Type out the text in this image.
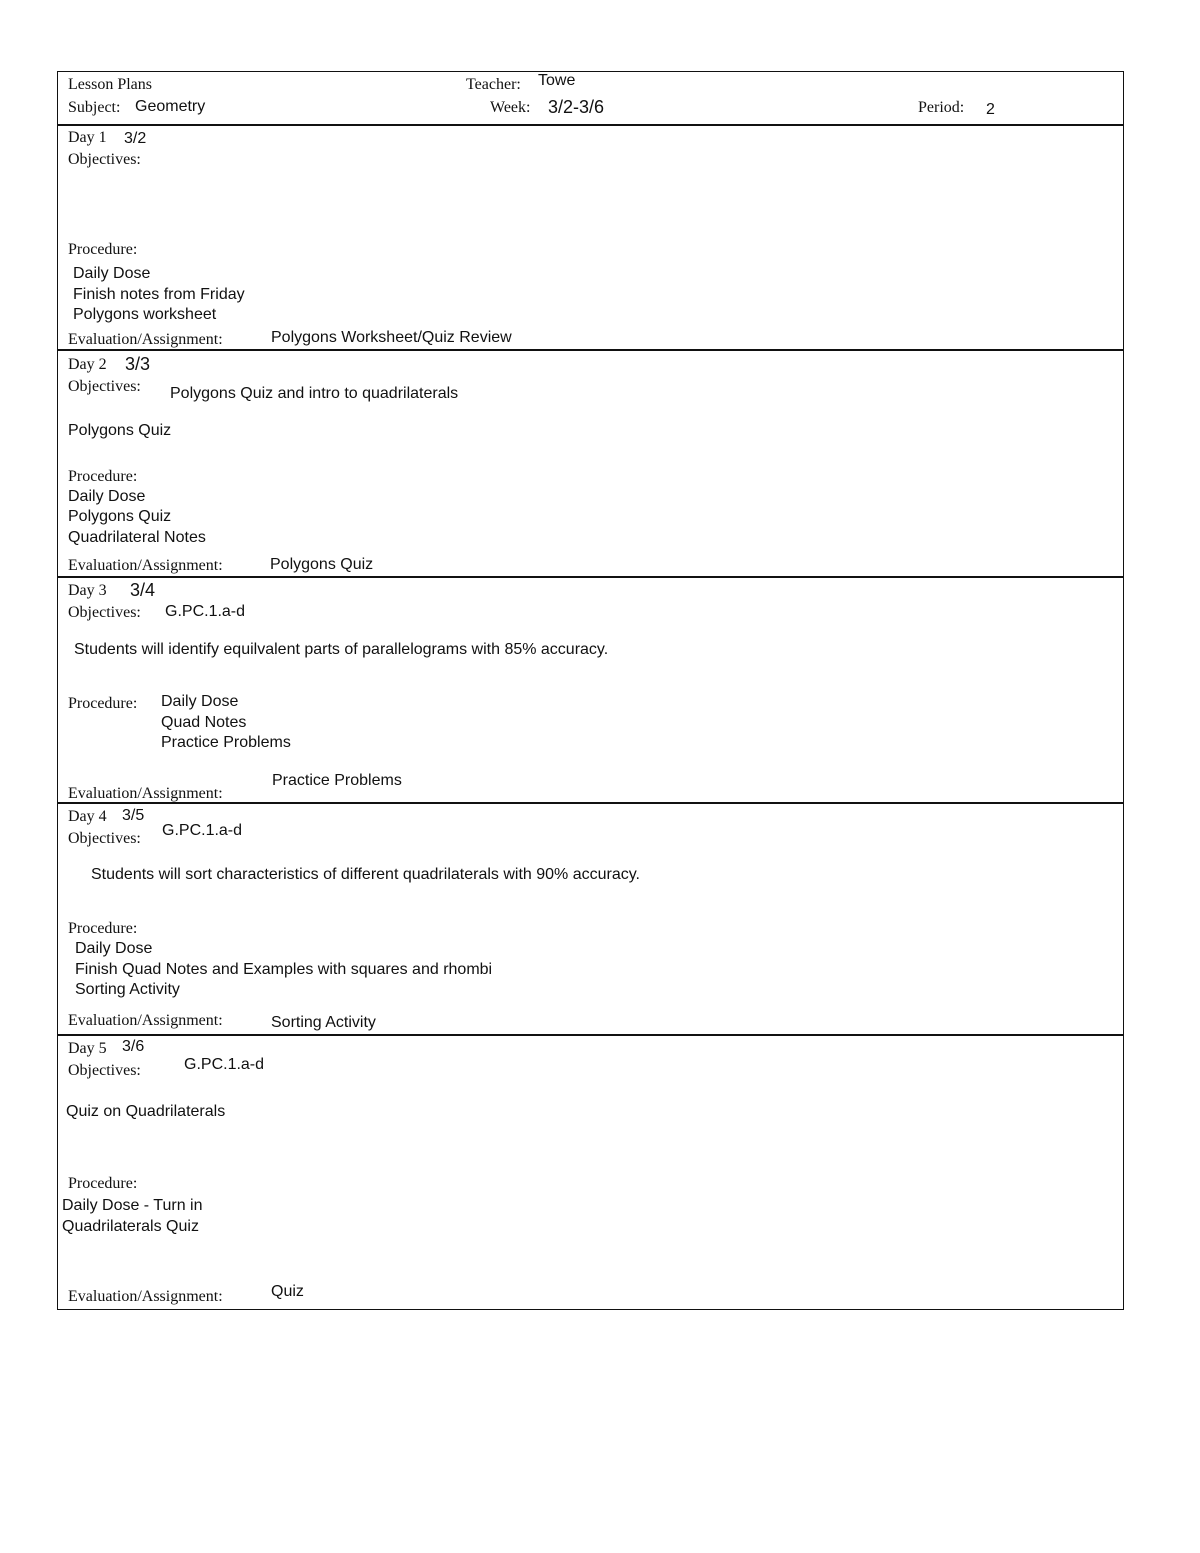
Lesson Plans
Subject: Geometry
Teacher: Towe
Week: 3/2-3/6	Period: 2
Day 1 3/2
Objectives:
Procedure:
Daily Dose
Finish notes from Friday
Polygons worksheet
Evaluation/Assignment:	Polygons Worksheet/Quiz Review
Day 2 3/3
Objectives: Polygons Quiz and intro to quadrilaterals
Polygons Quiz
Procedure:
Daily Dose
Polygons Quiz
Quadrilateral Notes
Evaluation/Assignment:	Polygons Quiz
Day 3 3/4
Objectives: G.PC.1.a-d
Students will identify equilvalent parts of parallelograms with 85% accuracy.
Procedure: Daily Dose
Quad Notes
Practice Problems
Evaluation/Assignment:
Practice Problems
Day 4 3/5
Objectives: G.PC.1.a-d
Students will sort characteristics of different quadrilaterals with 90% accuracy.
Procedure:
Daily Dose
Finish Quad Notes and Examples with squares and rhombi
Sorting Activity
Evaluation/Assignment:	Sorting Activity
Day 5 3/6
Objectives:	G.PC.1.a-d
Quiz on Quadrilaterals
Procedure:
Daily Dose - Turn in
Quadrilaterals Quiz
Evaluation/Assignment:	Quiz
